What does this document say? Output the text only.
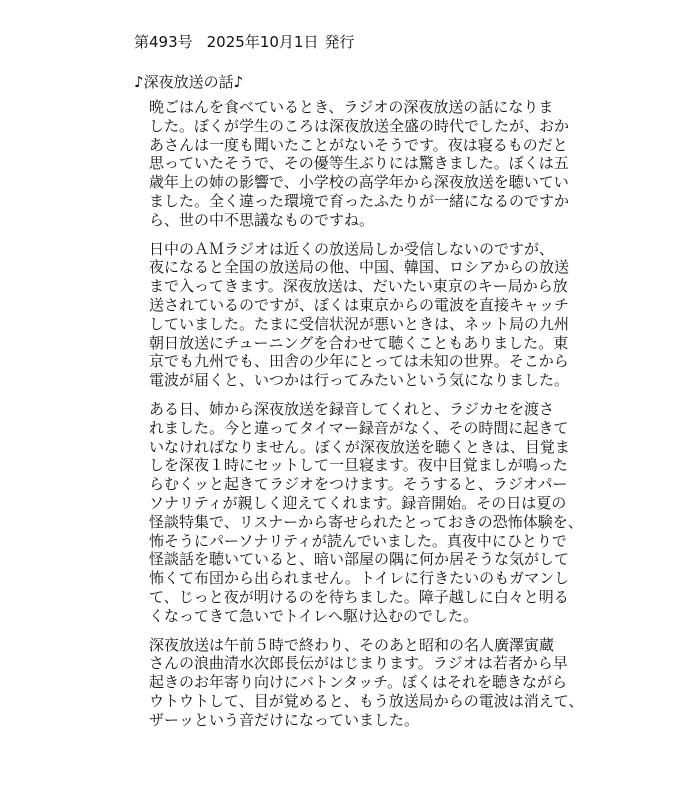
第493号 2025年10月1日 発行
♪深夜放送の話♪

晩ごはんを食べているとき、ラジオの深夜放送の話になりま
した。ぼくが学生のころは深夜放送全盛の時代でしたが、おか
あさんは一度も聞いたことがないそうです。夜は寝るものだと
思っていたそうで、その優等生ぶりには驚きました。ぼくは五
歳年上の姉の影響で、小学校の高学年から深夜放送を聴いてい
ました。全く違った環境で育ったふたりが一緒になるのですか
ら、世の中不思議なものですね。

日中のＡＭラジオは近くの放送局しか受信しないのですが、
夜になると全国の放送局の他、中国、韓国、ロシアからの放送
まで入ってきます。深夜放送は、だいたい東京のキー局から放
送されているのですが、ぼくは東京からの電波を直接キャッチ
していました。たまに受信状況が悪いときは、ネット局の九州
朝日放送にチューニングを合わせて聴くこともありました。東
京でも九州でも、田舎の少年にとっては未知の世界。そこから
電波が届くと、いつかは行ってみたいという気になりました。

ある日、姉から深夜放送を録音してくれと、ラジカセを渡さ
れました。今と違ってタイマー録音がなく、その時間に起きて
いなければなりません。ぼくが深夜放送を聴くときは、目覚ま
しを深夜１時にセットして一旦寝ます。夜中目覚ましが鳴った
らむくッと起きてラジオをつけます。そうすると、ラジオパー
ソナリティが親しく迎えてくれます。録音開始。その日は夏の
怪談特集で、リスナーから寄せられたとっておきの恐怖体験を、
怖そうにパーソナリティが読んでいました。真夜中にひとりで
怪談話を聴いていると、暗い部屋の隅に何か居そうな気がして
怖くて布団から出られません。トイレに行きたいのもガマンし
て、じっと夜が明けるのを待ちました。障子越しに白々と明る
くなってきて急いでトイレへ駆け込むのでした。

深夜放送は午前５時で終わり、そのあと昭和の名人廣澤寅蔵
さんの浪曲清水次郎長伝がはじまります。ラジオは若者から早
起きのお年寄り向けにバトンタッチ。ぼくはそれを聴きながら
ウトウトして、目が覚めると、もう放送局からの電波は消えて、
ザーッという音だけになっていました。
